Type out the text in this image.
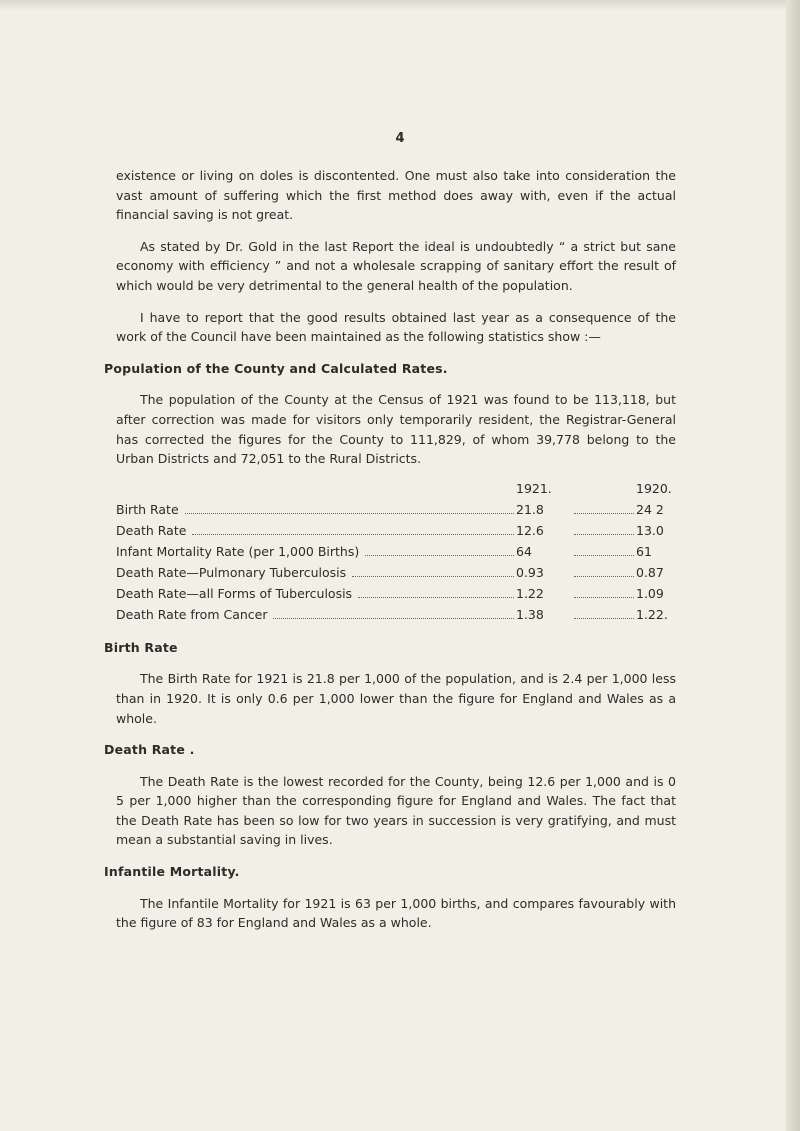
4

existence or living on doles is discontented. One must also take into consideration the vast amount of suffering which the first method does away with, even if the actual financial saving is not great.

As stated by Dr. Gold in the last Report the ideal is undoubtedly “ a strict but sane economy with efficiency ” and not a wholesale scrapping of sanitary effort the result of which would be very detrimental to the general health of the population.

I have to report that the good results obtained last year as a consequence of the work of the Council have been maintained as the following statistics show :—

Population of the County and Calculated Rates.

The population of the County at the Census of 1921 was found to be 113,118, but after correction was made for visitors only temporarily resident, the Registrar-General has corrected the figures for the County to 111,829, of whom 39,778 belong to the Urban Districts and 72,051 to the Rural Districts.

1921.	1920.
Birth Rate	21.8	24 2
Death Rate	12.6	13.0
Infant Mortality Rate (per 1,000 Births)	64	61
Death Rate—Pulmonary Tuberculosis	0.93	0.87
Death Rate—all Forms of Tuberculosis	1.22	1.09
Death Rate from Cancer	1.38	1.22.
Birth Rate

The Birth Rate for 1921 is 21.8 per 1,000 of the population, and is 2.4 per 1,000 less than in 1920. It is only 0.6 per 1,000 lower than the figure for England and Wales as a whole.

Death Rate .

The Death Rate is the lowest recorded for the County, being 12.6 per 1,000 and is 0 5 per 1,000 higher than the corresponding figure for England and Wales. The fact that the Death Rate has been so low for two years in succession is very gratifying, and must mean a substantial saving in lives.

Infantile Mortality.

The Infantile Mortality for 1921 is 63 per 1,000 births, and compares favourably with the figure of 83 for England and Wales as a whole.
